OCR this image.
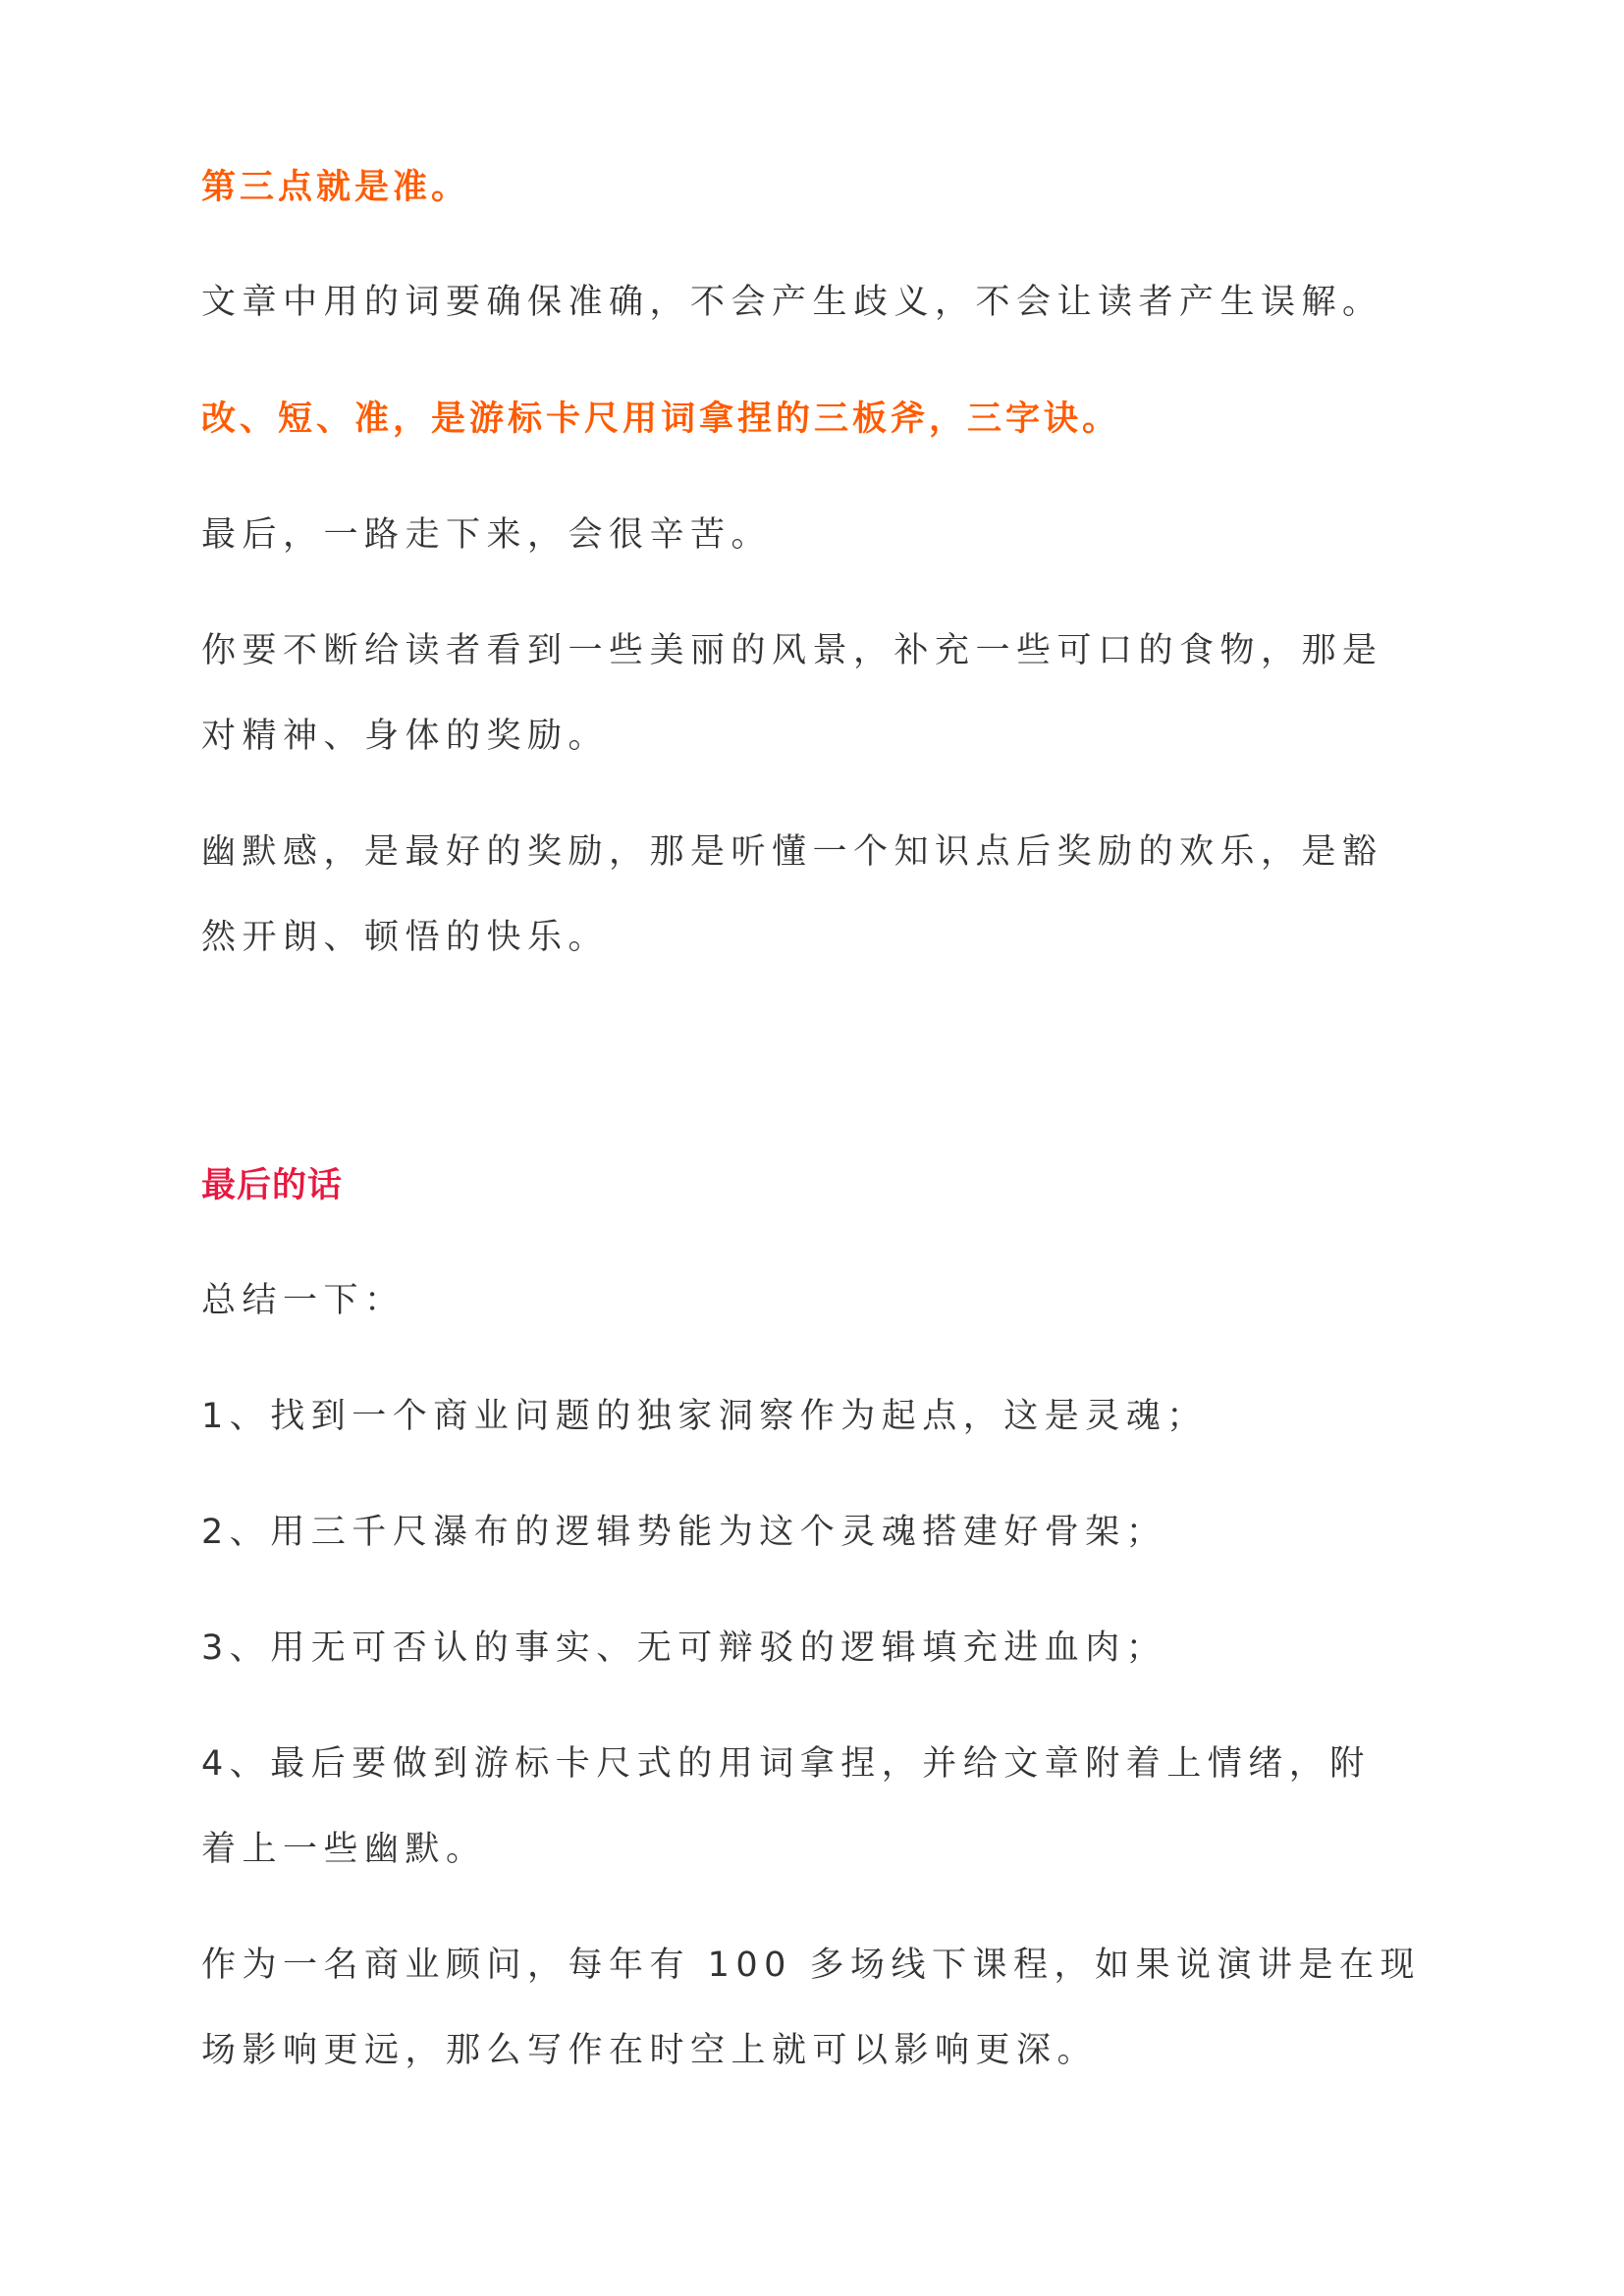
第三点就是准。
文章中用的词要确保准确，不会产生歧义，不会让读者产生误解。
改、短、准，是游标卡尺用词拿捏的三板斧，三字诀。
最后，一路走下来，会很辛苦。
你要不断给读者看到一些美丽的风景，补充一些可口的食物，那是
对精神、身体的奖励。
幽默感，是最好的奖励，那是听懂一个知识点后奖励的欢乐，是豁
然开朗、顿悟的快乐。
最后的话
总结一下：
1、找到一个商业问题的独家洞察作为起点，这是灵魂；
2、用三千尺瀑布的逻辑势能为这个灵魂搭建好骨架；
3、用无可否认的事实、无可辩驳的逻辑填充进血肉；
4、最后要做到游标卡尺式的用词拿捏，并给文章附着上情绪，附
着上一些幽默。
作为一名商业顾问，每年有 100 多场线下课程，如果说演讲是在现
场影响更远，那么写作在时空上就可以影响更深。
